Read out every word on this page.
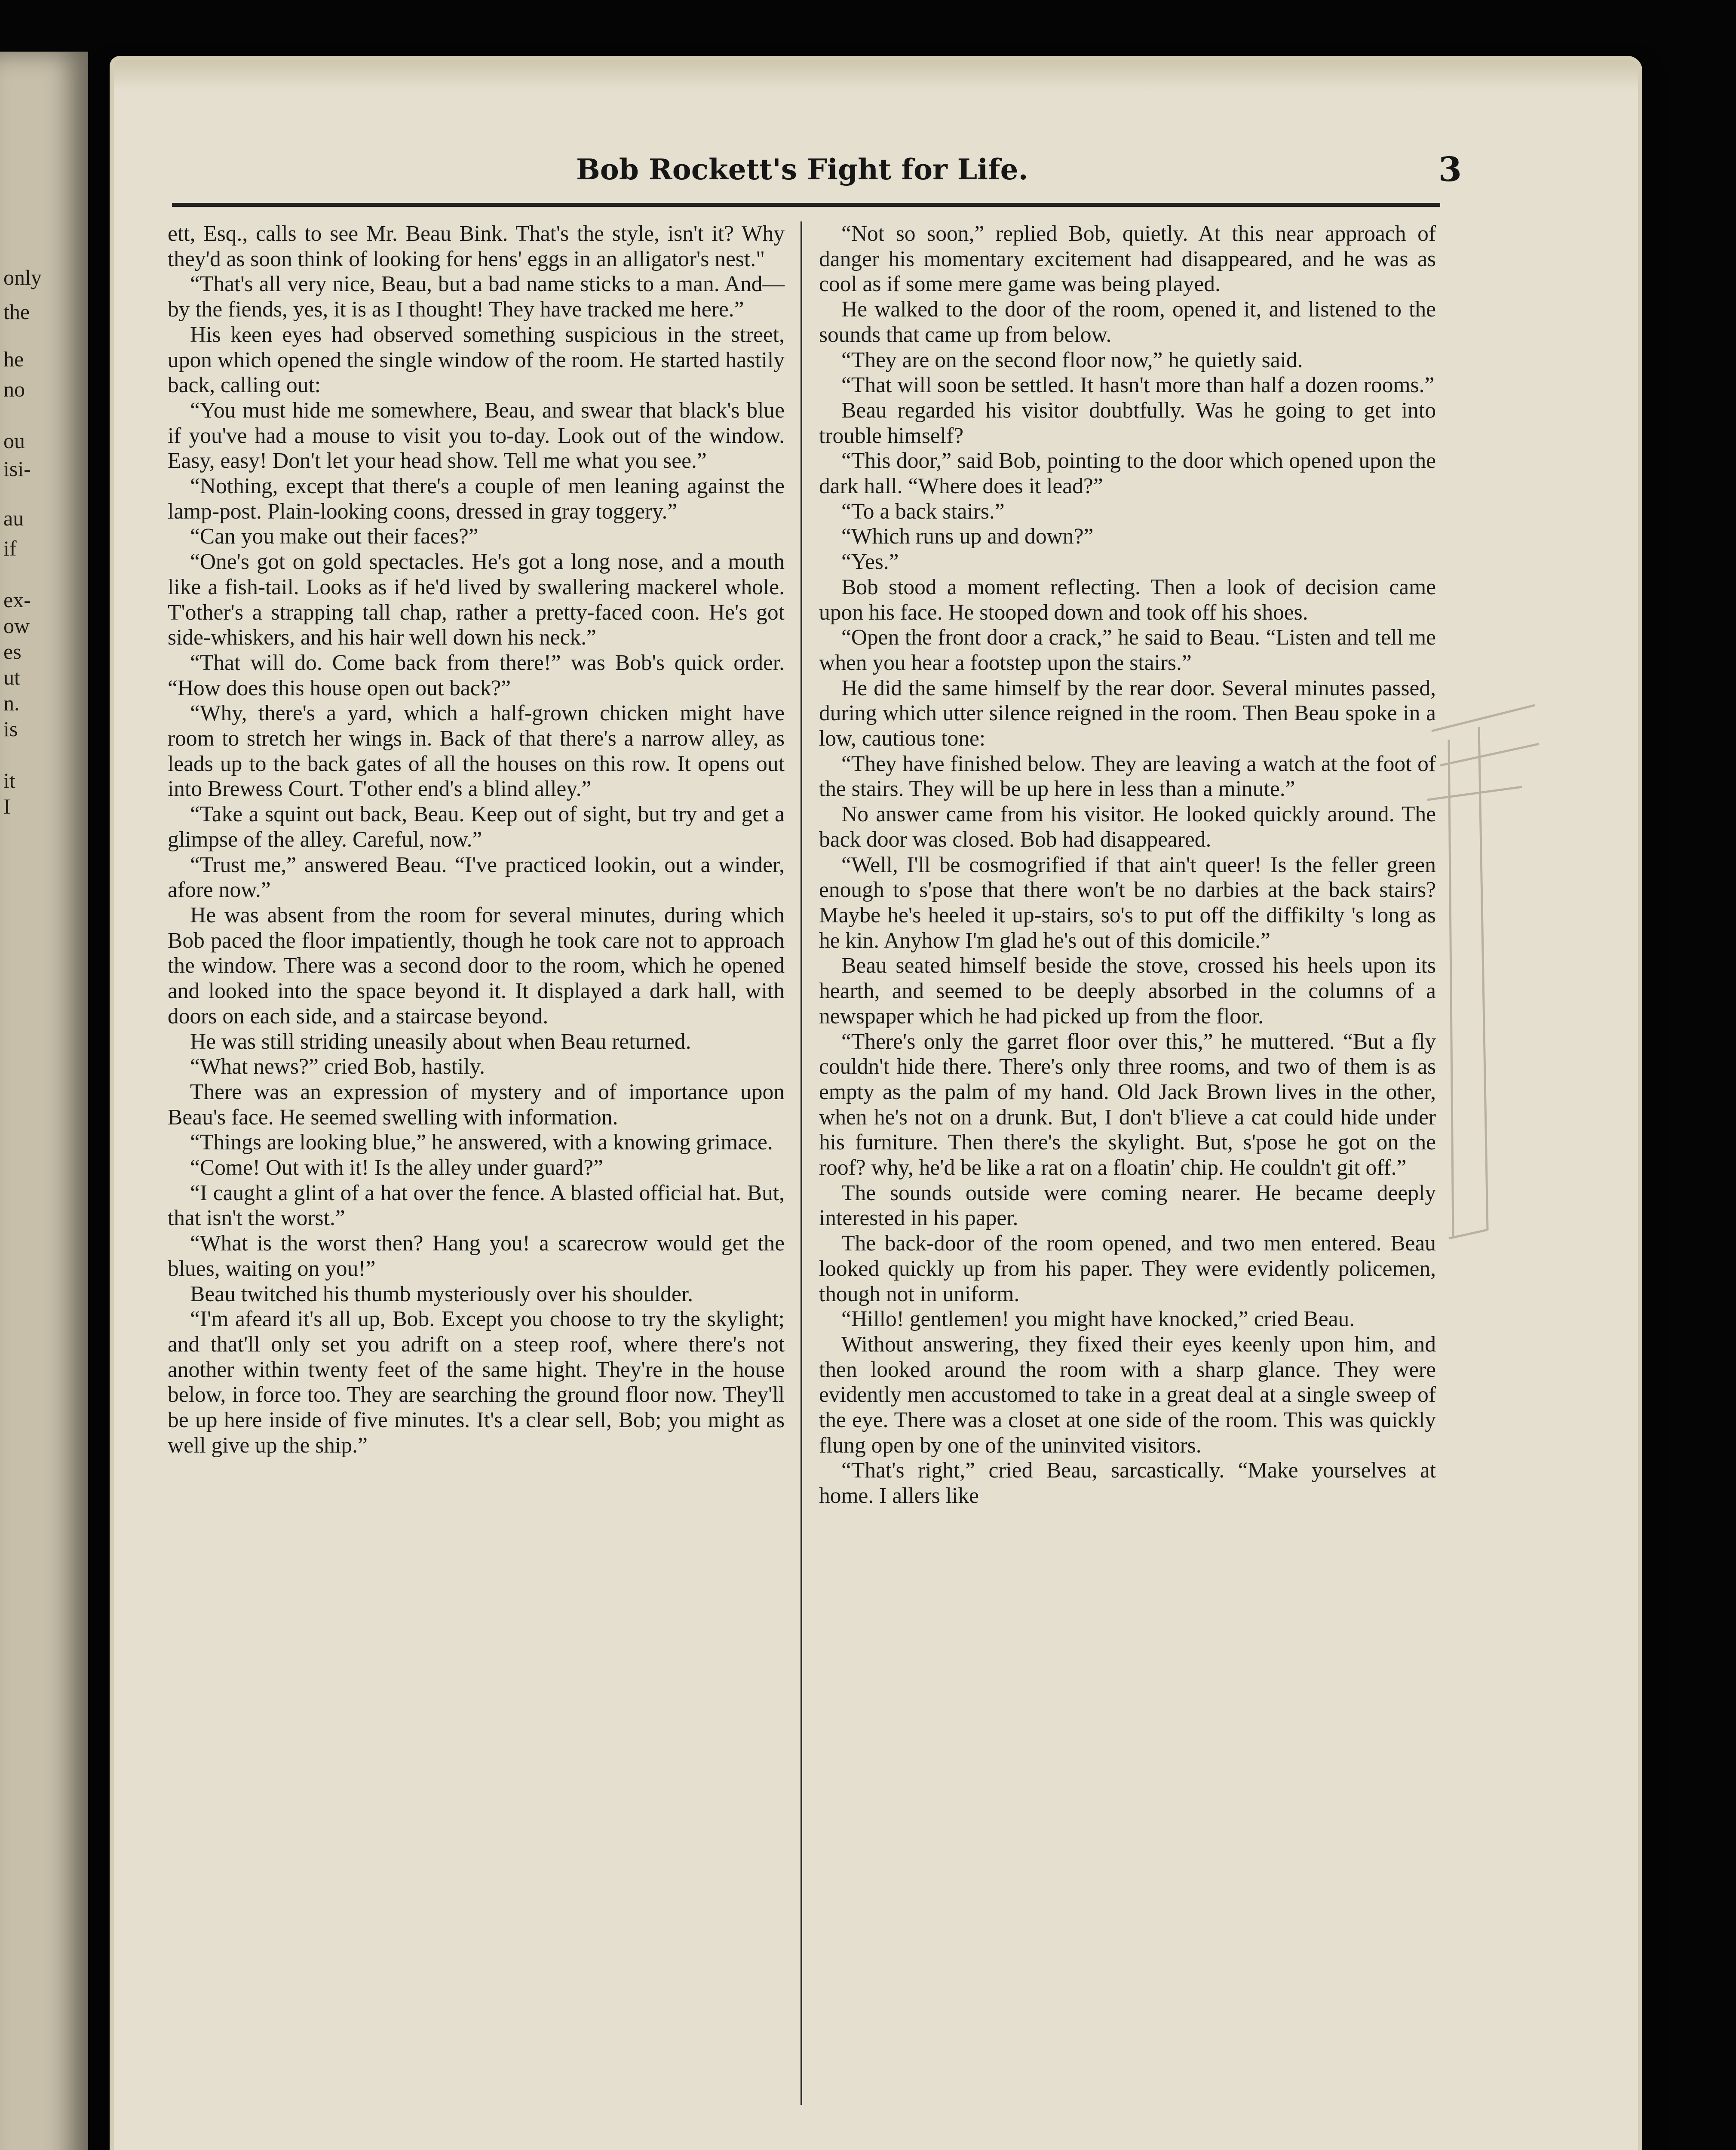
only
the
he
no
ou
isi-
au
if
ex-
ow
es
ut
n.
is
it
I
Bob Rockett's Fight for Life.	3

ett, Esq., calls to see Mr. Beau Bink. That's the style, isn't it? Why they'd as soon think of looking for hens' eggs in an alligator's nest."

“That's all very nice, Beau, but a bad name sticks to a man. And—by the fiends, yes, it is as I thought! They have tracked me here.”

His keen eyes had observed something suspicious in the street, upon which opened the single window of the room. He started hastily back, calling out:

“You must hide me somewhere, Beau, and swear that black's blue if you've had a mouse to visit you to-day. Look out of the window. Easy, easy! Don't let your head show. Tell me what you see.”

“Nothing, except that there's a couple of men leaning against the lamp-post. Plain-looking coons, dressed in gray toggery.”

“Can you make out their faces?”

“One's got on gold spectacles. He's got a long nose, and a mouth like a fish-tail. Looks as if he'd lived by swallering mackerel whole. T'other's a strapping tall chap, rather a pretty-faced coon. He's got side-whiskers, and his hair well down his neck.”

“That will do. Come back from there!” was Bob's quick order. “How does this house open out back?”

“Why, there's a yard, which a half-grown chicken might have room to stretch her wings in. Back of that there's a narrow alley, as leads up to the back gates of all the houses on this row. It opens out into Brewess Court. T'other end's a blind alley.”

“Take a squint out back, Beau. Keep out of sight, but try and get a glimpse of the alley. Careful, now.”

“Trust me,” answered Beau. “I've practiced lookin, out a winder, afore now.”

He was absent from the room for several minutes, during which Bob paced the floor impatiently, though he took care not to approach the window. There was a second door to the room, which he opened and looked into the space beyond it. It displayed a dark hall, with doors on each side, and a staircase beyond.

He was still striding uneasily about when Beau returned.

“What news?” cried Bob, hastily.

There was an expression of mystery and of importance upon Beau's face. He seemed swelling with information.

“Things are looking blue,” he answered, with a knowing grimace.

“Come! Out with it! Is the alley under guard?”

“I caught a glint of a hat over the fence. A blasted official hat. But, that isn't the worst.”

“What is the worst then? Hang you! a scarecrow would get the blues, waiting on you!”

Beau twitched his thumb mysteriously over his shoulder.

“I'm afeard it's all up, Bob. Except you choose to try the skylight; and that'll only set you adrift on a steep roof, where there's not another within twenty feet of the same hight. They're in the house below, in force too. They are searching the ground floor now. They'll be up here inside of five minutes. It's a clear sell, Bob; you might as well give up the ship.”

“Not so soon,” replied Bob, quietly. At this near approach of danger his momentary excitement had disappeared, and he was as cool as if some mere game was being played.

He walked to the door of the room, opened it, and listened to the sounds that came up from below.

“They are on the second floor now,” he quietly said.

“That will soon be settled. It hasn't more than half a dozen rooms.”

Beau regarded his visitor doubtfully. Was he going to get into trouble himself?

“This door,” said Bob, pointing to the door which opened upon the dark hall. “Where does it lead?”

“To a back stairs.”

“Which runs up and down?”

“Yes.”

Bob stood a moment reflecting. Then a look of decision came upon his face. He stooped down and took off his shoes.

“Open the front door a crack,” he said to Beau. “Listen and tell me when you hear a footstep upon the stairs.”

He did the same himself by the rear door. Several minutes passed, during which utter silence reigned in the room. Then Beau spoke in a low, cautious tone:

“They have finished below. They are leaving a watch at the foot of the stairs. They will be up here in less than a minute.”

No answer came from his visitor. He looked quickly around. The back door was closed. Bob had disappeared.

“Well, I'll be cosmogrified if that ain't queer! Is the feller green enough to s'pose that there won't be no darbies at the back stairs? Maybe he's heeled it up-stairs, so's to put off the diffikilty 's long as he kin. Anyhow I'm glad he's out of this domicile.”

Beau seated himself beside the stove, crossed his heels upon its hearth, and seemed to be deeply absorbed in the columns of a newspaper which he had picked up from the floor.

“There's only the garret floor over this,” he muttered. “But a fly couldn't hide there. There's only three rooms, and two of them is as empty as the palm of my hand. Old Jack Brown lives in the other, when he's not on a drunk. But, I don't b'lieve a cat could hide under his furniture. Then there's the skylight. But, s'pose he got on the roof? why, he'd be like a rat on a floatin' chip. He couldn't git off.”

The sounds outside were coming nearer. He became deeply interested in his paper.

The back-door of the room opened, and two men entered. Beau looked quickly up from his paper. They were evidently policemen, though not in uniform.

“Hillo! gentlemen! you might have knocked,” cried Beau.

Without answering, they fixed their eyes keenly upon him, and then looked around the room with a sharp glance. They were evidently men accustomed to take in a great deal at a single sweep of the eye. There was a closet at one side of the room. This was quickly flung open by one of the uninvited visitors.

“That's right,” cried Beau, sarcastically. “Make yourselves at home. I allers like
